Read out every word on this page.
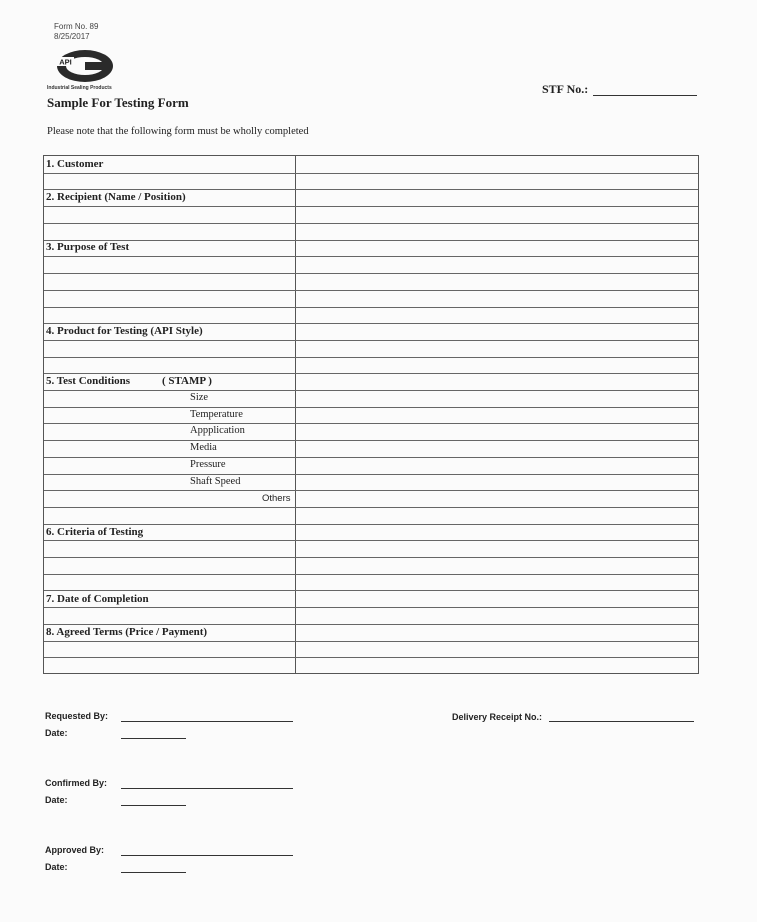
Form No. 89
8/25/2017
API
Industrial Sealing Products
Sample For Testing Form
STF No.:
Please note that the following form must be wholly completed
1. Customer
2. Recipient (Name / Position)
3. Purpose of Test
4. Product for Testing (API Style)
5. Test Conditions	( STAMP )
Size
Temperature
Appplication
Media
Pressure
Others
Shaft Speed
6. Criteria of Testing
7. Date of Completion
8. Agreed Terms (Price / Payment)
Requested By:
Date:
Delivery Receipt No.:
Confirmed By:
Date:
Approved By:
Date:
